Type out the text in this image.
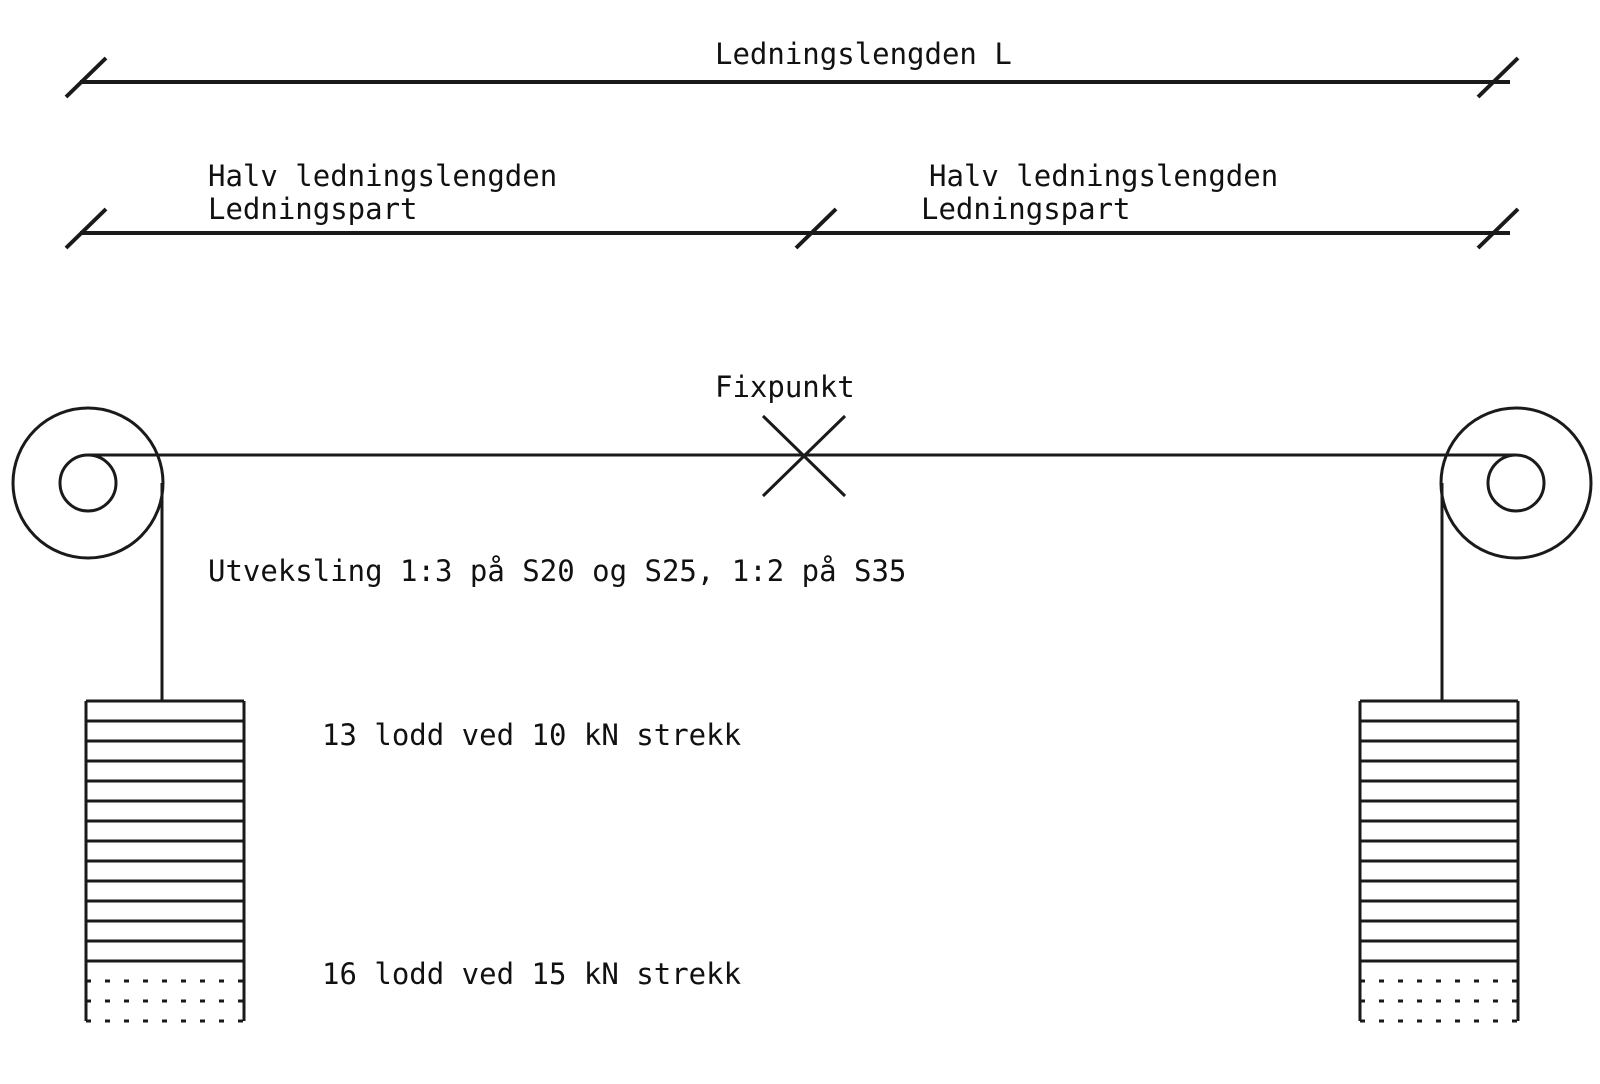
Ledningslengden L
Halv ledningslengden
Ledningspart
Halv ledningslengden
Ledningspart
Fixpunkt
Utveksling 1:3 på S20 og S25, 1:2 på S35
13 lodd ved 10 kN strekk
16 lodd ved 15 kN strekk
